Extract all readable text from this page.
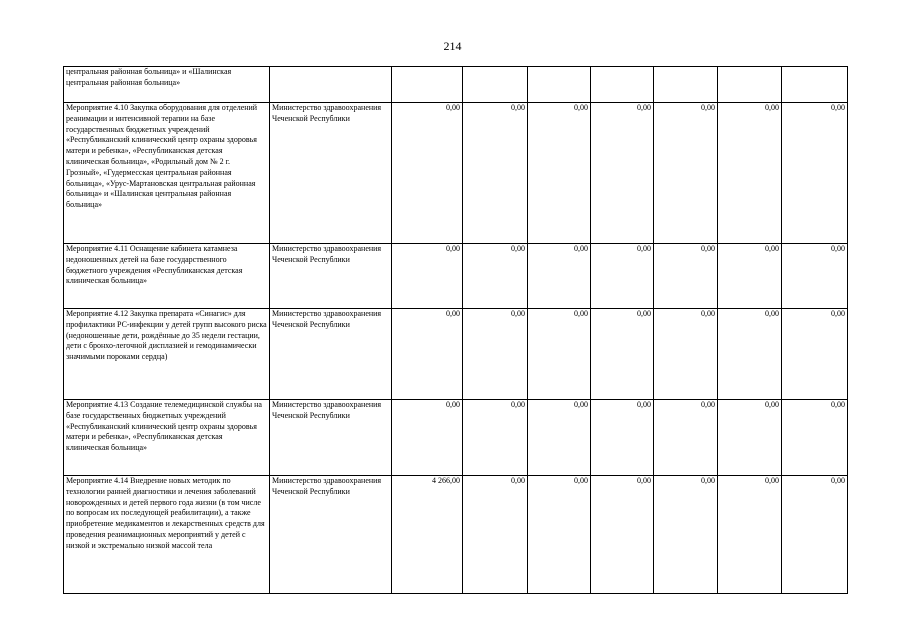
214
центральная районная больница» и «Шалинская центральная районная больница»								
Мероприятие 4.10 Закупка оборудования для отделений реанимации и интенсивной терапии на базе государственных бюджетных учреждений «Республиканский клинический центр охраны здоровья матери и ребенка», «Республиканская детская клиническая больница», «Родильный дом № 2 г. Грозный», «Гудермесская центральная районная больница», «Урус-Мартановская центральная районная больница» и «Шалинская центральная районная больница»	Министерство здравоохранения Чеченской Республики	0,00	0,00	0,00	0,00	0,00	0,00	0,00
Мероприятие 4.11 Оснащение кабинета катамнеза недоношенных детей на базе государственного бюджетного учреждения «Республиканская детская клиническая больница»	Министерство здравоохранения Чеченской Республики	0,00	0,00	0,00	0,00	0,00	0,00	0,00
Мероприятие 4.12 Закупка препарата «Синагис» для профилактики РС-инфекции у детей групп высокого риска (недоношенные дети, рождённые до 35 недели гестации, дети с бронхо-легочной дисплазией и гемодинамически значимыми пороками сердца)	Министерство здравоохранения Чеченской Республики	0,00	0,00	0,00	0,00	0,00	0,00	0,00
Мероприятие 4.13 Создание телемедицинской службы на базе государственных бюджетных учреждений «Республиканский клинический центр охраны здоровья матери и ребенка», «Республиканская детская клиническая больница»	Министерство здравоохранения Чеченской Республики	0,00	0,00	0,00	0,00	0,00	0,00	0,00
Мероприятие 4.14 Внедрение новых методик по технологии ранней диагностики и лечения заболеваний новорожденных и детей первого года жизни (в том числе по вопросам их последующей реабилитации), а также приобретение медикаментов и лекарственных средств для проведения реанимационных мероприятий у детей с низкой и экстремально низкой массой тела	Министерство здравоохранения Чеченской Республики	4 266,00	0,00	0,00	0,00	0,00	0,00	0,00
